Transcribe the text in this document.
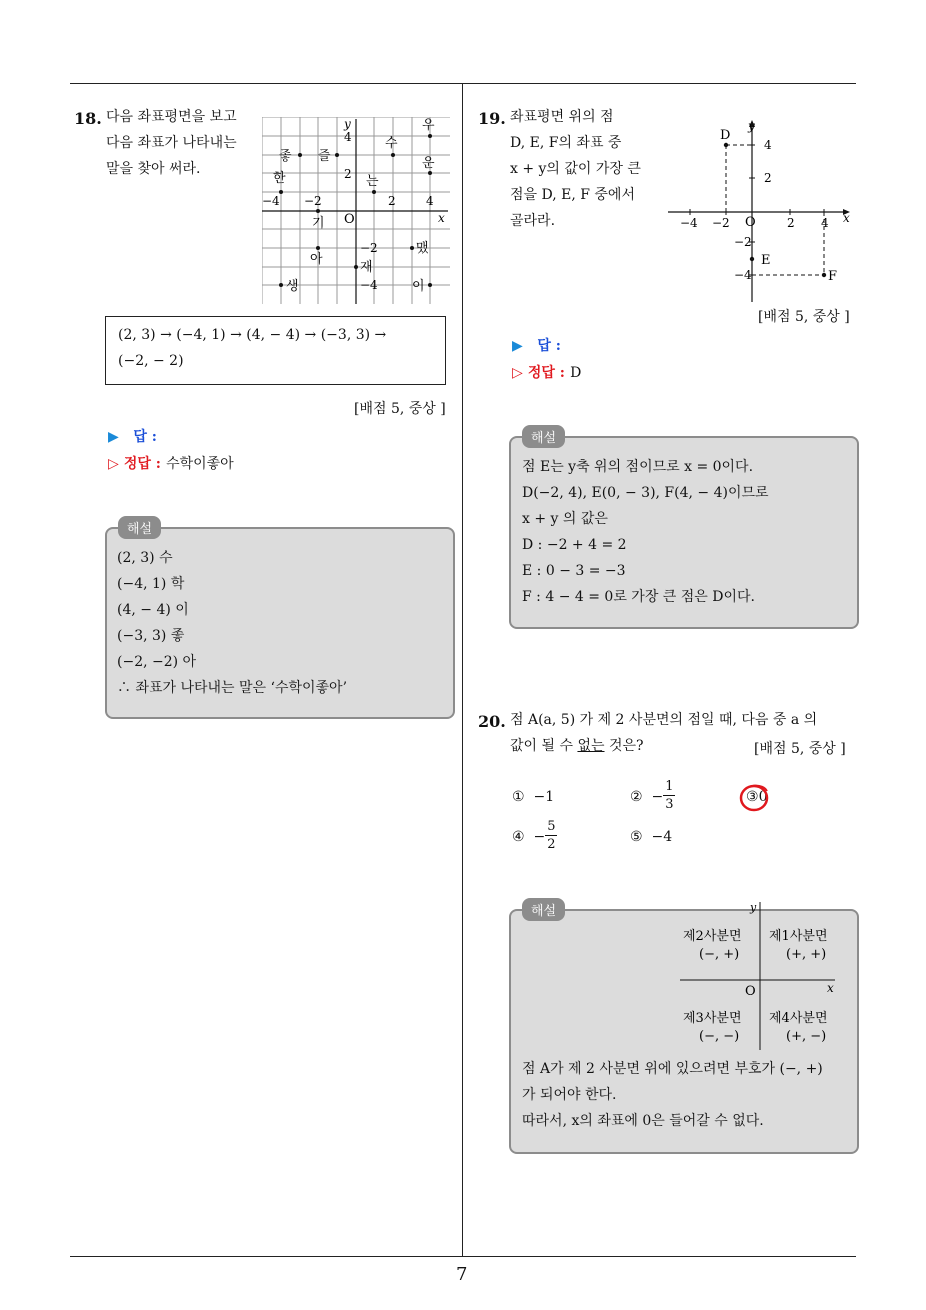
7
18. 다음 좌표평면을 보고
다음 좌표가 나타내는
말을 찾아 써라.
x
y
O
4
2
−4 −2	2	4
−2
−4
우
수
좋 즐	운
한	는
기
맸
아
재
생	이
(2, 3) → (−4, 1) → (4, − 4) → (−3, 3) →
(−2, − 2)
[배점 5, 중상 ]
▶ 답 :
▷ 정답 : 수학이좋아
해설
(2, 3) 수
(−4, 1) 학
(4, − 4) 이
(−3, 3) 좋
(−2, −2) 아
∴ 좌표가 나타내는 말은 ‘수학이좋아’
19. 좌표평면 위의 점
D, E, F의 좌표 중
x + y의 값이 가장 큰
점을 D, E, F 중에서
골라라.	x
y
O
−4 −2	2 4
4
2
−2
−4
D
E
F
[배점 5, 중상 ]
▶ 답 :
▷ 정답 : D
해설
점 E는 y축 위의 점이므로 x = 0이다.
D(−2, 4), E(0, − 3), F(4, − 4)이므로
x + y 의 값은
D : −2 + 4 = 2
E : 0 − 3 = −3
F : 4 − 4 = 0로 가장 큰 점은 D이다.
20. 점 A(a, 5) 가 제 2 사분면의 점일 때, 다음 중 a 의
값이 될 수 없는 것은?	[배점 5, 중상 ]
① −1	② − $\frac{1}{3}$	③0
④ − $\frac{5}{2}$	⑤ −4
해설	y
x
O
제2사분면
(−, +)
제1사분면
(+, +)
제3사분면
(−, −)
제4사분면
(+, −)
점 A가 제 2 사분면 위에 있으려면 부호가 (−, +)
가 되어야 한다.
따라서, x의 좌표에 0은 들어갈 수 없다.
